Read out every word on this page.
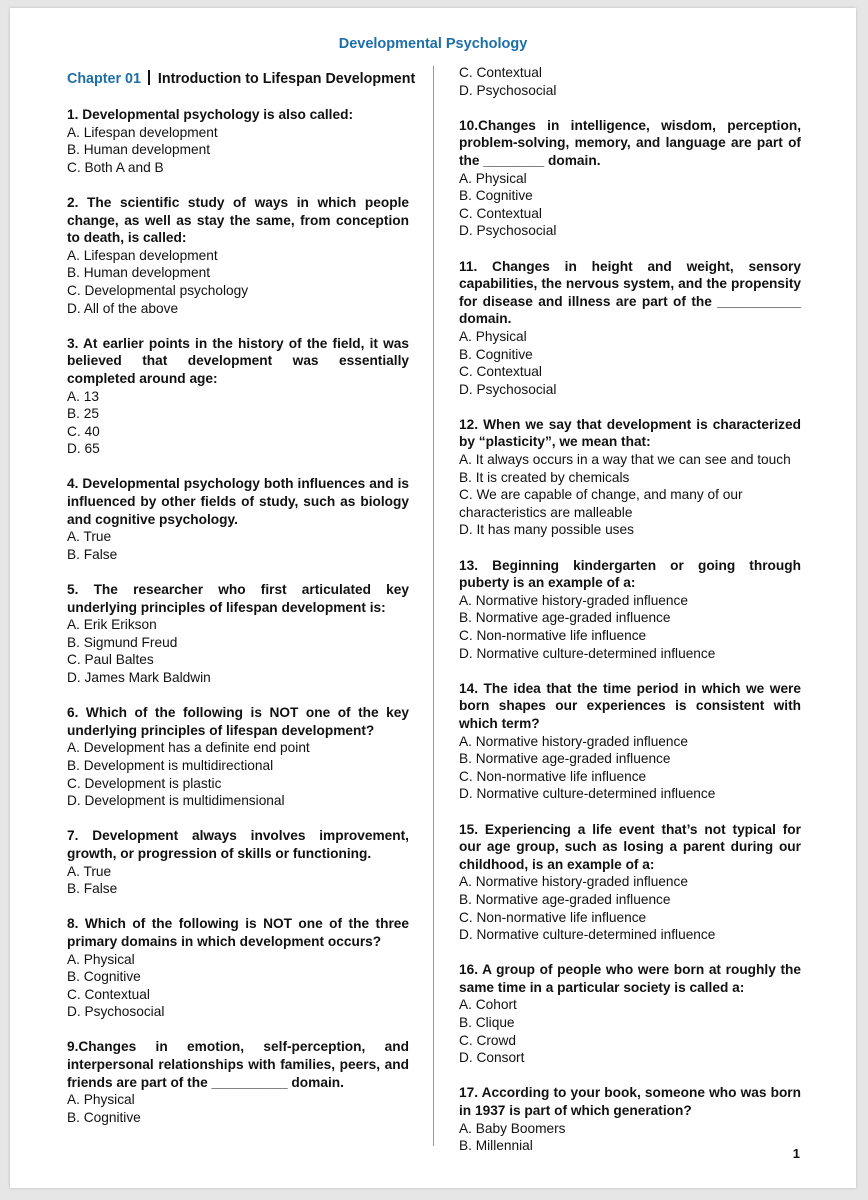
Developmental Psychology
Chapter 01 Introduction to Lifespan Development
1. Developmental psychology is also called:
A. Lifespan development
B. Human development
C. Both A and B
2. The scientific study of ways in which people change, as well as stay the same, from conception to death, is called:
A. Lifespan development
B. Human development
C. Developmental psychology
D. All of the above
3. At earlier points in the history of the field, it was believed that development was essentially completed around age:
A. 13
B. 25
C. 40
D. 65
4. Developmental psychology both influences and is influenced by other fields of study, such as biology and cognitive psychology.
A. True
B. False
5. The researcher who first articulated key underlying principles of lifespan development is:
A. Erik Erikson
B. Sigmund Freud
C. Paul Baltes
D. James Mark Baldwin
6. Which of the following is NOT one of the key underlying principles of lifespan development?
A. Development has a definite end point
B. Development is multidirectional
C. Development is plastic
D. Development is multidimensional
7. Development always involves improvement, growth, or progression of skills or functioning.
A. True
B. False
8. Which of the following is NOT one of the three primary domains in which development occurs?
A. Physical
B. Cognitive
C. Contextual
D. Psychosocial
9.Changes in emotion, self-perception, and interpersonal relationships with families, peers, and friends are part of the __________ domain.
A. Physical
B. Cognitive
C. Contextual
D. Psychosocial
10.Changes in intelligence, wisdom, perception, problem-solving, memory, and language are part of the ________ domain.
A. Physical
B. Cognitive
C. Contextual
D. Psychosocial
11. Changes in height and weight, sensory capabilities, the nervous system, and the propensity for disease and illness are part of the ___________ domain.
A. Physical
B. Cognitive
C. Contextual
D. Psychosocial
12. When we say that development is characterized by “plasticity”, we mean that:
A. It always occurs in a way that we can see and touch
B. It is created by chemicals
C. We are capable of change, and many of our characteristics are malleable
D. It has many possible uses
13. Beginning kindergarten or going through puberty is an example of a:
A. Normative history-graded influence
B. Normative age-graded influence
C. Non-normative life influence
D. Normative culture-determined influence
14. The idea that the time period in which we were born shapes our experiences is consistent with which term?
A. Normative history-graded influence
B. Normative age-graded influence
C. Non-normative life influence
D. Normative culture-determined influence
15. Experiencing a life event that’s not typical for our age group, such as losing a parent during our childhood, is an example of a:
A. Normative history-graded influence
B. Normative age-graded influence
C. Non-normative life influence
D. Normative culture-determined influence
16. A group of people who were born at roughly the same time in a particular society is called a:
A. Cohort
B. Clique
C. Crowd
D. Consort
17. According to your book, someone who was born in 1937 is part of which generation?
A. Baby Boomers
B. Millennial
1
